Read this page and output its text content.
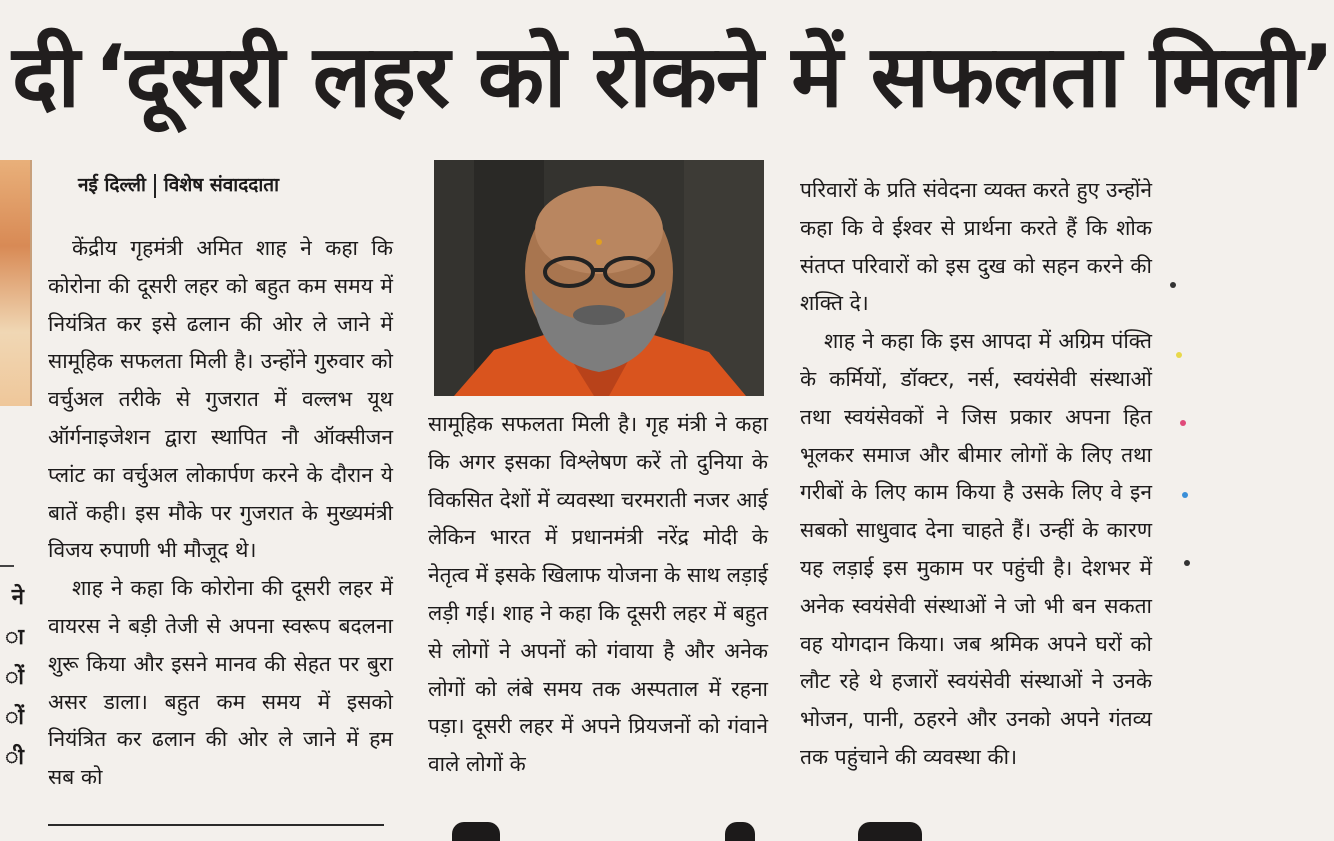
दी ‘दूसरी लहर को रोकने में सफलता मिली’
ने
ा
ों
ों
ी
नई दिल्ली विशेष संवाददाता

केंद्रीय गृहमंत्री अमित शाह ने कहा कि कोरोना की दूसरी लहर को बहुत कम समय में नियंत्रित कर इसे ढलान की ओर ले जाने में सामूहिक सफलता मिली है। उन्होंने गुरुवार को वर्चुअल तरीके से गुजरात में वल्लभ यूथ ऑर्गनाइजेशन द्वारा स्थापित नौ ऑक्सीजन प्लांट का वर्चुअल लोकार्पण करने के दौरान ये बातें कही। इस मौके पर गुजरात के मुख्यमंत्री विजय रुपाणी भी मौजूद थे।

शाह ने कहा कि कोरोना की दूसरी लहर में वायरस ने बड़ी तेजी से अपना स्वरूप बदलना शुरू किया और इसने मानव की सेहत पर बुरा असर डाला। बहुत कम समय में इसको नियंत्रित कर ढलान की ओर ले जाने में हम सब को

सामूहिक सफलता मिली है। गृह मंत्री ने कहा कि अगर इसका विश्लेषण करें तो दुनिया के विकसित देशों में व्यवस्था चरमराती नजर आई लेकिन भारत में प्रधानमंत्री नरेंद्र मोदी के नेतृत्व में इसके खिलाफ योजना के साथ लड़ाई लड़ी गई। शाह ने कहा कि दूसरी लहर में बहुत से लोगों ने अपनों को गंवाया है और अनेक लोगों को लंबे समय तक अस्पताल में रहना पड़ा। दूसरी लहर में अपने प्रियजनों को गंवाने वाले लोगों के

परिवारों के प्रति संवेदना व्यक्त करते हुए उन्होंने कहा कि वे ईश्वर से प्रार्थना करते हैं कि शोक संतप्त परिवारों को इस दुख को सहन करने की शक्ति दे।

शाह ने कहा कि इस आपदा में अग्रिम पंक्ति के कर्मियों, डॉक्टर, नर्स, स्वयंसेवी संस्थाओं तथा स्वयंसेवकों ने जिस प्रकार अपना हित भूलकर समाज और बीमार लोगों के लिए तथा गरीबों के लिए काम किया है उसके लिए वे इन सबको साधुवाद देना चाहते हैं। उन्हीं के कारण यह लड़ाई इस मुकाम पर पहुंची है। देशभर में अनेक स्वयंसेवी संस्थाओं ने जो भी बन सकता वह योगदान किया। जब श्रमिक अपने घरों को लौट रहे थे हजारों स्वयंसेवी संस्थाओं ने उनके भोजन, पानी, ठहरने और उनको अपने गंतव्य तक पहुंचाने की व्यवस्था की।
